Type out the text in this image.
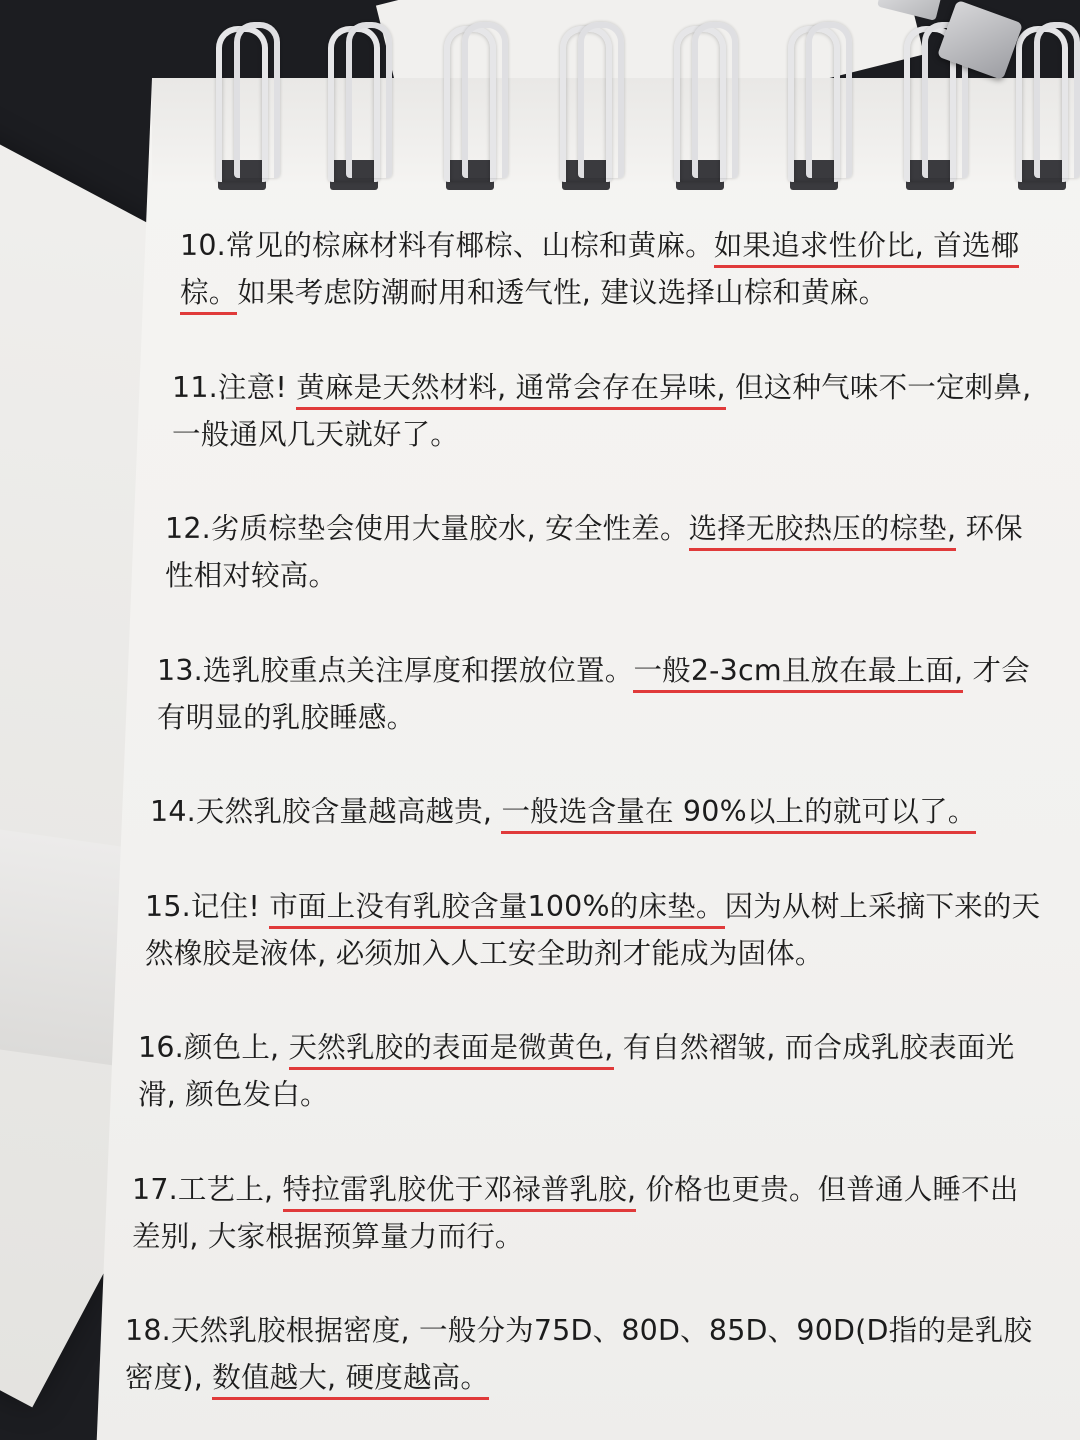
10.常见的棕麻材料有椰棕、山棕和黄麻。如果追求性价比, 首选椰棕。如果考虑防潮耐用和透气性, 建议选择山棕和黄麻。

11.注意! 黄麻是天然材料, 通常会存在异味, 但这种气味不一定刺鼻, 一般通风几天就好了。

12.劣质棕垫会使用大量胶水, 安全性差。选择无胶热压的棕垫, 环保性相对较高。

13.选乳胶重点关注厚度和摆放位置。一般2-3cm且放在最上面, 才会有明显的乳胶睡感。

14.天然乳胶含量越高越贵, 一般选含量在 90%以上的就可以了。

15.记住! 市面上没有乳胶含量100%的床垫。因为从树上采摘下来的天然橡胶是液体, 必须加入人工安全助剂才能成为固体。

16.颜色上, 天然乳胶的表面是微黄色, 有自然褶皱, 而合成乳胶表面光滑, 颜色发白。

17.工艺上, 特拉雷乳胶优于邓禄普乳胶, 价格也更贵。但普通人睡不出差别, 大家根据预算量力而行。

18.天然乳胶根据密度, 一般分为75D、80D、85D、90D(D指的是乳胶密度), 数值越大, 硬度越高。
